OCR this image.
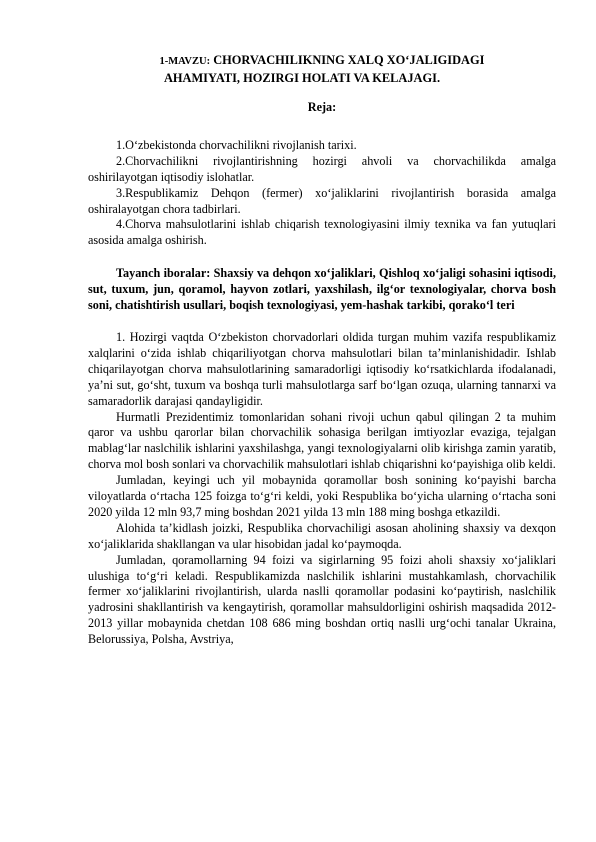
1-MAVZU: CHORVACHILIKNING XALQ XO‘JALIGIDAGI
AHAMIYATI, HOZIRGI HOLATI VA KELAJAGI.
Reja:

1.O‘zbekistonda chorvachilikni rivojlanish tarixi.

2.Chorvachilikni rivojlantirishning hozirgi ahvoli va chorvachilikda amalga oshirilayotgan iqtisodiy islohatlar.

3.Respublikamiz Dehqon (fermer) xo‘jaliklarini rivojlantirish borasida amalga oshiralayotgan chora tadbirlari.

4.Chorva mahsulotlarini ishlab chiqarish texnologiyasini ilmiy texnika va fan yutuqlari asosida amalga oshirish.

Tayanch iboralar: Shaxsiy va dehqon xo‘jaliklari, Qishloq xo‘jaligi sohasini iqtisodi, sut, tuxum, jun, qoramol, hayvon zotlari, yaxshilash, ilg‘or texnologiyalar, chorva bosh soni, chatishtirish usullari, boqish texnologiyasi, yem-hashak tarkibi, qorako‘l teri

1. Hozirgi vaqtda O‘zbekiston chorvadorlari oldida turgan muhim vazifa respublikamiz xalqlarini o‘zida ishlab chiqariliyotgan chorva mahsulotlari bilan ta’minlanishidadir. Ishlab chiqarilayotgan chorva mahsulotlarining samaradorligi iqtisodiy ko‘rsatkichlarda ifodalanadi, ya’ni sut, go‘sht, tuxum va boshqa turli mahsulotlarga sarf bo‘lgan ozuqa, ularning tannarxi va samaradorlik darajasi qandayligidir.

Hurmatli Prezidentimiz tomonlaridan sohani rivoji uchun qabul qilingan 2 ta muhim qaror va ushbu qarorlar bilan chorvachilik sohasiga berilgan imtiyozlar evaziga, tejalgan mablag‘lar naslchilik ishlarini yaxshilashga, yangi texnologiyalarni olib kirishga zamin yaratib, chorva mol bosh sonlari va chorvachilik mahsulotlari ishlab chiqarishni ko‘payishiga olib keldi.

Jumladan, keyingi uch yil mobaynida qoramollar bosh sonining ko‘payishi barcha viloyatlarda o‘rtacha 125 foizga to‘g‘ri keldi, yoki Respublika bo‘yicha ularning o‘rtacha soni 2020 yilda 12 mln 93,7 ming boshdan 2021 yilda 13 mln 188 ming boshga etkazildi.

Alohida ta’kidlash joizki, Respublika chorvachiligi asosan aholining shaxsiy va dexqon xo‘jaliklarida shakllangan va ular hisobidan jadal ko‘paymoqda.

Jumladan, qoramollarning 94 foizi va sigirlarning 95 foizi aholi shaxsiy xo‘jaliklari ulushiga to‘g‘ri keladi. Respublikamizda naslchilik ishlarini mustahkamlash, chorvachilik fermer xo‘jaliklarini rivojlantirish, ularda naslli qoramollar podasini ko‘paytirish, naslchilik yadrosini shakllantirish va kengaytirish, qoramollar mahsuldorligini oshirish maqsadida 2012-2013 yillar mobaynida chetdan 108 686 ming boshdan ortiq naslli urg‘ochi tanalar Ukraina, Belorussiya, Polsha, Avstriya,
